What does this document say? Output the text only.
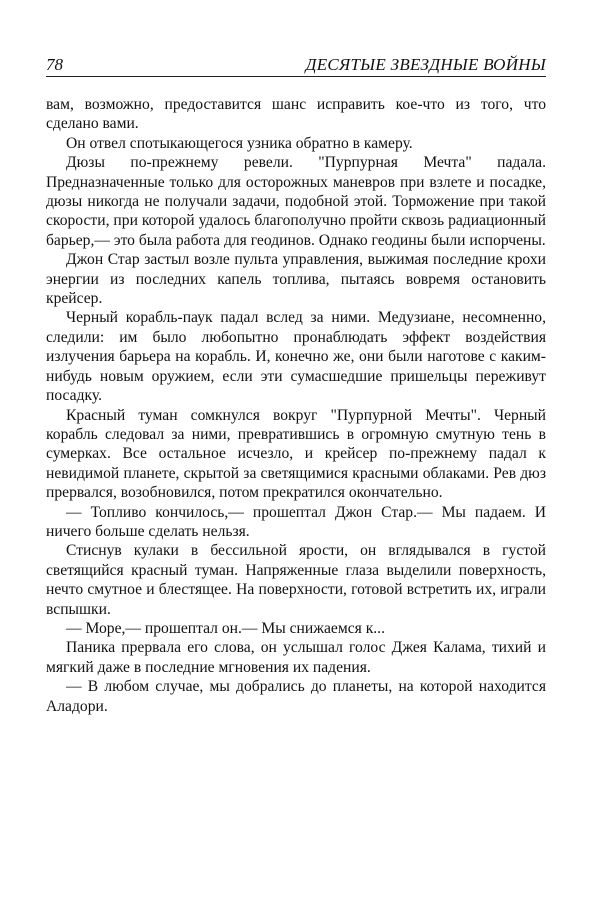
78	ДЕСЯТЫЕ ЗВЕЗДНЫЕ ВОЙНЫ

вам, возможно, предоставится шанс исправить кое-что из того, что сделано вами.

Он отвел спотыкающегося узника обратно в камеру.

Дюзы по-прежнему ревели. "Пурпурная Мечта" падала. Предназначенные только для осторожных маневров при взлете и посадке, дюзы никогда не получали задачи, подобной этой. Торможение при такой скорости, при которой удалось благополучно пройти сквозь радиационный барьер,— это была работа для геодинов. Однако геодины были испорчены.

Джон Стар застыл возле пульта управления, выжимая последние крохи энергии из последних капель топлива, пытаясь вовремя остановить крейсер.

Черный корабль-паук падал вслед за ними. Медузиане, несомненно, следили: им было любопытно пронаблюдать эффект воздействия излучения барьера на корабль. И, конечно же, они были наготове с каким-нибудь новым оружием, если эти сумасшедшие пришельцы переживут посадку.

Красный туман сомкнулся вокруг "Пурпурной Мечты". Черный корабль следовал за ними, превратившись в огромную смутную тень в сумерках. Все остальное исчезло, и крейсер по-прежнему падал к невидимой планете, скрытой за светящимися красными облаками. Рев дюз прервался, возобновился, потом прекратился окончательно.

— Топливо кончилось,— прошептал Джон Стар.— Мы падаем. И ничего больше сделать нельзя.

Стиснув кулаки в бессильной ярости, он вглядывался в густой светящийся красный туман. Напряженные глаза выделили поверхность, нечто смутное и блестящее. На поверхности, готовой встретить их, играли вспышки.

— Море,— прошептал он.— Мы снижаемся к...

Паника прервала его слова, он услышал голос Джея Калама, тихий и мягкий даже в последние мгновения их падения.

— В любом случае, мы добрались до планеты, на которой находится Аладори.
